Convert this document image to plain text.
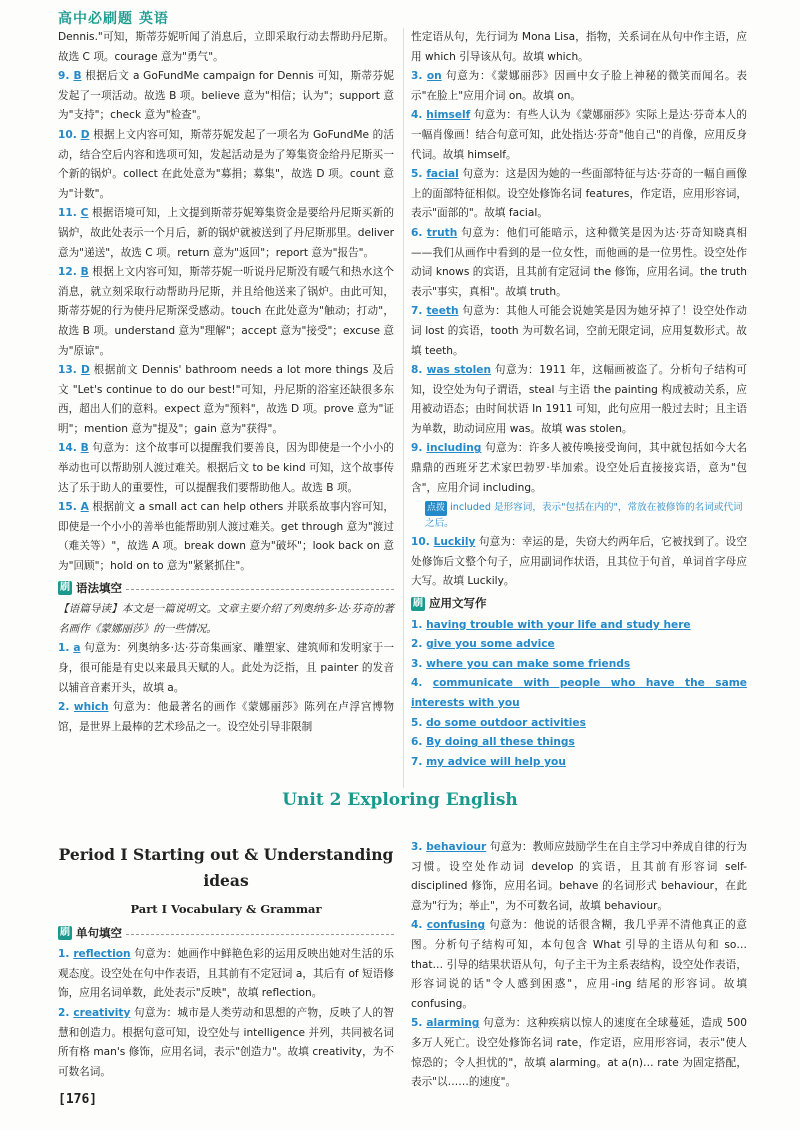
高中必刷题 英语

Dennis."可知，斯蒂芬妮听闻了消息后，立即采取行动去帮助丹尼斯。故选 C 项。courage 意为"勇气"。

9. B 根据后文 a GoFundMe campaign for Dennis 可知，斯蒂芬妮发起了一项活动。故选 B 项。believe 意为"相信；认为"；support 意为"支持"；check 意为"检查"。

10. D 根据上文内容可知，斯蒂芬妮发起了一项名为 GoFundMe 的活动，结合空后内容和选项可知，发起活动是为了筹集资金给丹尼斯买一个新的锅炉。collect 在此处意为"募捐；募集"，故选 D 项。count 意为"计数"。

11. C 根据语境可知，上文提到斯蒂芬妮筹集资金是要给丹尼斯买新的锅炉，故此处表示一个月后，新的锅炉就被送到了丹尼斯那里。deliver 意为"递送"，故选 C 项。return 意为"返回"；report 意为"报告"。

12. B 根据上文内容可知，斯蒂芬妮一听说丹尼斯没有暖气和热水这个消息，就立刻采取行动帮助丹尼斯，并且给他送来了锅炉。由此可知，斯蒂芬妮的行为使丹尼斯深受感动。touch 在此处意为"触动；打动"，故选 B 项。understand 意为"理解"；accept 意为"接受"；excuse 意为"原谅"。

13. D 根据前文 Dennis' bathroom needs a lot more things 及后文 "Let's continue to do our best!"可知，丹尼斯的浴室还缺很多东西，超出人们的意料。expect 意为"预料"，故选 D 项。prove 意为"证明"；mention 意为"提及"；gain 意为"获得"。

14. B 句意为：这个故事可以提醒我们要善良，因为即使是一个小小的举动也可以帮助别人渡过难关。根据后文 to be kind 可知，这个故事传达了乐于助人的重要性，可以提醒我们要帮助他人。故选 B 项。

15. A 根据前文 a small act can help others 并联系故事内容可知，即使是一个小小的善举也能帮助别人渡过难关。get through 意为"渡过（难关等）"，故选 A 项。break down 意为"破坏"；look back on 意为"回顾"；hold on to 意为"紧紧抓住"。

刷 语法填空

【语篇导读】本文是一篇说明文。文章主要介绍了列奥纳多·达·芬奇的著名画作《蒙娜丽莎》的一些情况。

1. a 句意为：列奥纳多·达·芬奇集画家、雕塑家、建筑师和发明家于一身，很可能是有史以来最具天赋的人。此处为泛指，且 painter 的发音以辅音音素开头，故填 a。

2. which 句意为：他最著名的画作《蒙娜丽莎》陈列在卢浮宫博物馆，是世界上最棒的艺术珍品之一。设空处引导非限制

性定语从句，先行词为 Mona Lisa，指物，关系词在从句中作主语，应用 which 引导该从句。故填 which。

3. on 句意为：《蒙娜丽莎》因画中女子脸上神秘的微笑而闻名。表示"在脸上"应用介词 on。故填 on。

4. himself 句意为：有些人认为《蒙娜丽莎》实际上是达·芬奇本人的一幅肖像画！结合句意可知，此处指达·芬奇"他自己"的肖像，应用反身代词。故填 himself。

5. facial 句意为：这是因为她的一些面部特征与达·芬奇的一幅自画像上的面部特征相似。设空处修饰名词 features，作定语，应用形容词，表示"面部的"。故填 facial。

6. truth 句意为：他们可能暗示，这种微笑是因为达·芬奇知晓真相——我们从画作中看到的是一位女性，而他画的是一位男性。设空处作动词 knows 的宾语，且其前有定冠词 the 修饰，应用名词。the truth 表示"事实，真相"。故填 truth。

7. teeth 句意为：其他人可能会说她笑是因为她牙掉了！设空处作动词 lost 的宾语，tooth 为可数名词，空前无限定词，应用复数形式。故填 teeth。

8. was stolen 句意为：1911 年，这幅画被盗了。分析句子结构可知，设空处为句子谓语，steal 与主语 the painting 构成被动关系，应用被动语态；由时间状语 In 1911 可知，此句应用一般过去时；且主语为单数，助动词应用 was。故填 was stolen。

9. including 句意为：许多人被传唤接受询问，其中就包括如今大名鼎鼎的西班牙艺术家巴勃罗·毕加索。设空处后直接接宾语，意为"包含"，应用介词 including。

点拨 included 是形容词，表示"包括在内的"，常放在被修饰的名词或代词之后。

10. Luckily 句意为：幸运的是，失窃大约两年后，它被找到了。设空处修饰后文整个句子，应用副词作状语，且其位于句首，单词首字母应大写。故填 Luckily。

刷 应用文写作

1. having trouble with your life and study here

2. give you some advice

3. where you can make some friends

4. communicate with people who have the same interests with you

5. do some outdoor activities

6. By doing all these things

7. my advice will help you

Unit 2 Exploring English
Period Ⅰ Starting out & Understanding ideas
Part Ⅰ Vocabulary & Grammar
刷 单句填空

1. reflection 句意为：她画作中鲜艳色彩的运用反映出她对生活的乐观态度。设空处在句中作表语，且其前有不定冠词 a，其后有 of 短语修饰，应用名词单数，此处表示"反映"，故填 reflection。

2. creativity 句意为：城市是人类劳动和思想的产物，反映了人的智慧和创造力。根据句意可知，设空处与 intelligence 并列，共同被名词所有格 man's 修饰，应用名词，表示"创造力"。故填 creativity，为不可数名词。

3. behaviour 句意为：教师应鼓励学生在自主学习中养成自律的行为习惯。设空处作动词 develop 的宾语，且其前有形容词 self-disciplined 修饰，应用名词。behave 的名词形式 behaviour，在此意为"行为；举止"，为不可数名词，故填 behaviour。

4. confusing 句意为：他说的话很含糊，我几乎弄不清他真正的意图。分析句子结构可知，本句包含 What 引导的主语从句和 so… that… 引导的结果状语从句，句子主干为主系表结构，设空处作表语，形容词说的话"令人感到困惑"，应用-ing 结尾的形容词。故填 confusing。

5. alarming 句意为：这种疾病以惊人的速度在全球蔓延，造成 500 多万人死亡。设空处修饰名词 rate，作定语，应用形容词，表示"使人惊恐的；令人担忧的"，故填 alarming。at a(n)… rate 为固定搭配，表示"以……的速度"。

[176]
